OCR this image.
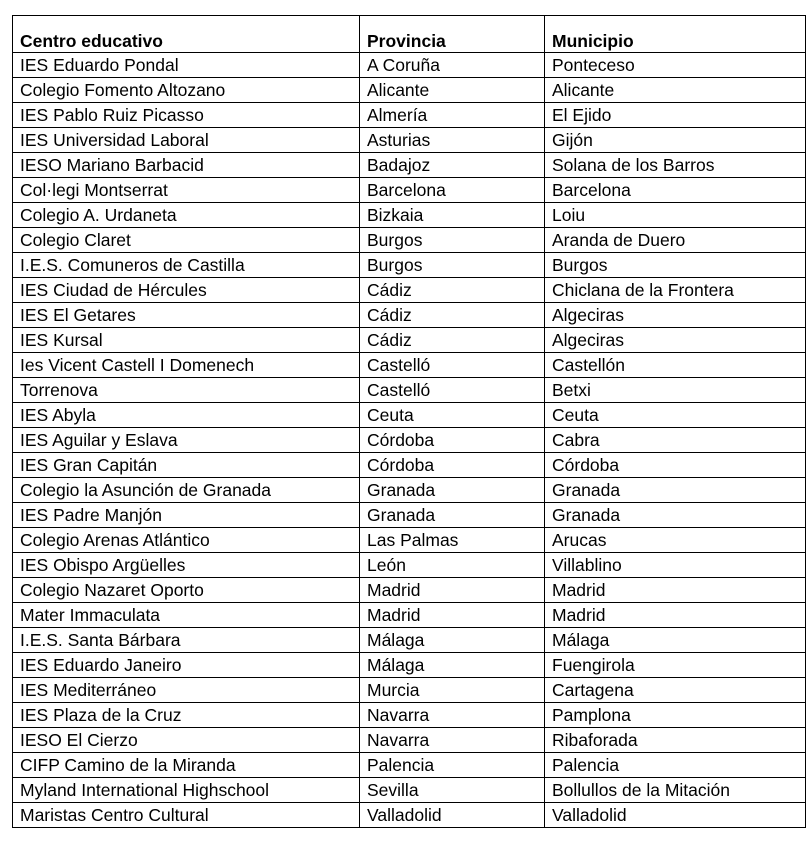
Centro educativo	Provincia	Municipio
IES Eduardo Pondal	A Coruña	Ponteceso
Colegio Fomento Altozano	Alicante	Alicante
IES Pablo Ruiz Picasso	Almería	El Ejido
IES Universidad Laboral	Asturias	Gijón
IESO Mariano Barbacid	Badajoz	Solana de los Barros
Col·legi Montserrat	Barcelona	Barcelona
Colegio A. Urdaneta	Bizkaia	Loiu
Colegio Claret	Burgos	Aranda de Duero
I.E.S. Comuneros de Castilla	Burgos	Burgos
IES Ciudad de Hércules	Cádiz	Chiclana de la Frontera
IES El Getares	Cádiz	Algeciras
IES Kursal	Cádiz	Algeciras
Ies Vicent Castell I Domenech	Castelló	Castellón
Torrenova	Castelló	Betxi
IES Abyla	Ceuta	Ceuta
IES Aguilar y Eslava	Córdoba	Cabra
IES Gran Capitán	Córdoba	Córdoba
Colegio la Asunción de Granada	Granada	Granada
IES Padre Manjón	Granada	Granada
Colegio Arenas Atlántico	Las Palmas	Arucas
IES Obispo Argüelles	León	Villablino
Colegio Nazaret Oporto	Madrid	Madrid
Mater Immaculata	Madrid	Madrid
I.E.S. Santa Bárbara	Málaga	Málaga
IES Eduardo Janeiro	Málaga	Fuengirola
IES Mediterráneo	Murcia	Cartagena
IES Plaza de la Cruz	Navarra	Pamplona
IESO El Cierzo	Navarra	Ribaforada
CIFP Camino de la Miranda	Palencia	Palencia
Myland International Highschool	Sevilla	Bollullos de la Mitación
Maristas Centro Cultural	Valladolid	Valladolid
